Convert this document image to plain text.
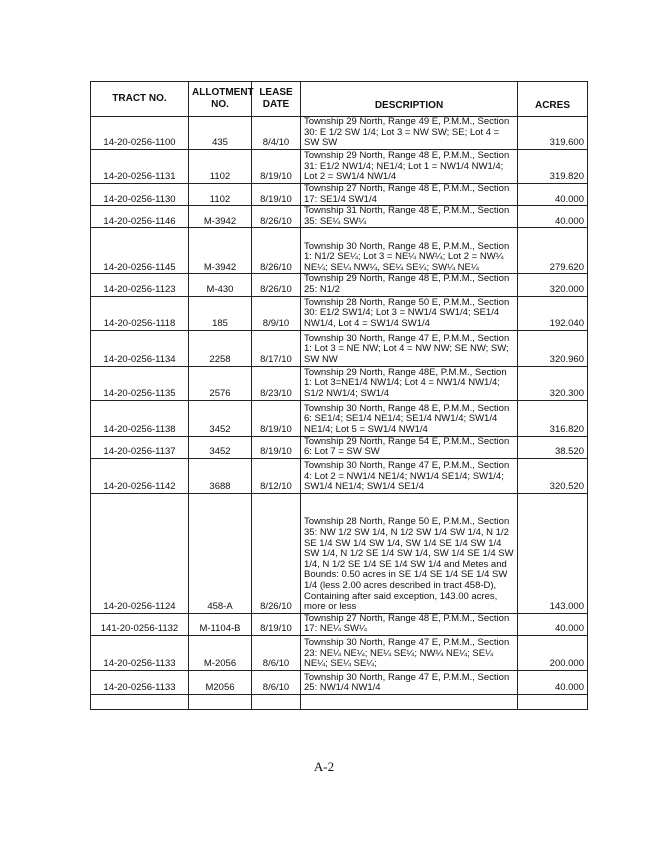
TRACT NO.	ALLOTMENT NO.	LEASE DATE	DESCRIPTION	ACRES
14-20-0256-1100	435	8/4/10	Township 29 North, Range 49 E, P.M.M., Section 30: E 1/2 SW 1/4; Lot 3 = NW SW; SE; Lot 4 = SW SW	319.600
14-20-0256-1131	1102	8/19/10	Township 29 North, Range 48 E, P.M.M., Section 31: E1/2 NW1/4; NE1/4; Lot 1 = NW1/4 NW1/4; Lot 2 = SW1/4 NW1/4	319.820
14-20-0256-1130	1102	8/19/10	Township 27 North, Range 48 E, P.M.M., Section 17: SE1/4 SW1/4	40.000
14-20-0256-1146	M-3942	8/26/10	Township 31 North, Range 48 E, P.M.M., Section 35: SE¼ SW¼	40.000
14-20-0256-1145	M-3942	8/26/10	Township 30 North, Range 48 E, P.M.M., Section 1: N1/2 SE¼; Lot 3 = NE¼ NW¼; Lot 2 = NW¼ NE¼; SE¼ NW¼, SE¼ SE¼; SW¼ NE¼	279.620
14-20-0256-1123	M-430	8/26/10	Township 29 North, Range 48 E, P.M.M., Section 25: N1/2	320.000
14-20-0256-1118	185	8/9/10	Township 28 North, Range 50 E, P.M.M., Section 30: E1/2 SW1/4; Lot 3 = NW1/4 SW1/4; SE1/4 NW1/4, Lot 4 = SW1/4 SW1/4	192.040
14-20-0256-1134	2258	8/17/10	Township 30 North, Range 47 E, P.M.M., Section 1: Lot 3 = NE NW; Lot 4 = NW NW; SE NW; SW; SW NW	320.960
14-20-0256-1135	2576	8/23/10	Township 29 North, Range 48E, P.M.M., Section 1: Lot 3=NE1/4 NW1/4; Lot 4 = NW1/4 NW1/4; S1/2 NW1/4; SW1/4	320.300
14-20-0256-1138	3452	8/19/10	Township 30 North, Range 48 E, P.M.M., Section 6: SE1/4; SE1/4 NE1/4; SE1/4 NW1/4; SW1/4 NE1/4; Lot 5 = SW1/4 NW1/4	316.820
14-20-0256-1137	3452	8/19/10	Township 29 North, Range 54 E, P.M.M., Section 6: Lot 7 = SW SW	38.520
14-20-0256-1142	3688	8/12/10	Township 30 North, Range 47 E, P.M.M., Section 4: Lot 2 = NW1/4 NE1/4; NW1/4 SE1/4; SW1/4; SW1/4 NE1/4; SW1/4 SE1/4	320.520
14-20-0256-1124	458-A	8/26/10	Township 28 North, Range 50 E, P.M.M., Section 35: NW 1/2 SW 1/4, N 1/2 SW 1/4 SW 1/4, N 1/2 SE 1/4 SW 1/4 SW 1/4, SW 1/4 SE 1/4 SW 1/4 SW 1/4, N 1/2 SE 1/4 SW 1/4, SW 1/4 SE 1/4 SW 1/4, N 1/2 SE 1/4 SE 1/4 SW 1/4 and Metes and Bounds: 0.50 acres in SE 1/4 SE 1/4 SE 1/4 SW 1/4 (less 2.00 acres described in tract 458-D), Containing after said exception, 143.00 acres, more or less	143.000
141-20-0256-1132	M-1104-B	8/19/10	Township 27 North, Range 48 E, P.M.M., Section 17: NE¼ SW¼	40.000
14-20-0256-1133	M-2056	8/6/10	Township 30 North, Range 47 E, P.M.M., Section 23: NE¼ NE¼; NE¼ SE¼; NW¼ NE¼; SE¼ NE¼; SE¼ SE¼;	200.000
14-20-0256-1133	M2056	8/6/10	Township 30 North, Range 47 E, P.M.M., Section 25: NW1/4 NW1/4	40.000

A-2
